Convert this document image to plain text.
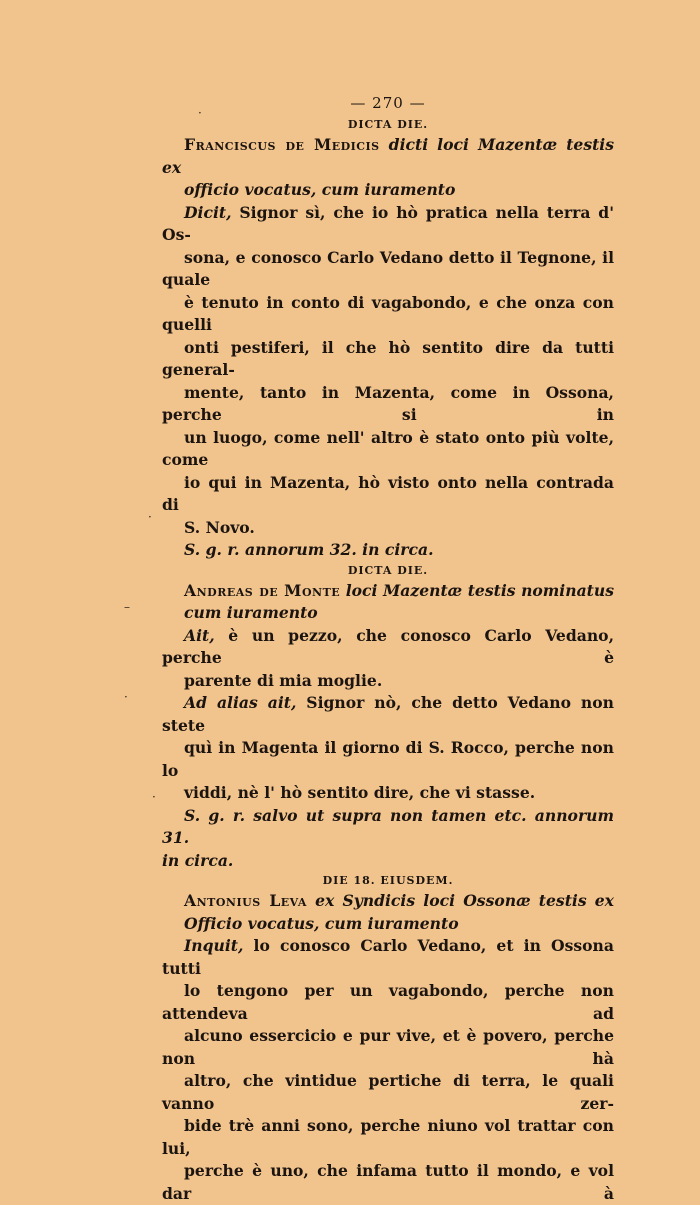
·
·
–
·
·
— 270 —
DICTA DIE.

Franciscus de Medicis dicti loci Mazentæ testis ex
officio vocatus, cum iuramento

Dicit, Signor sì, che io hò pratica nella terra d' Os-
sona, e conosco Carlo Vedano detto il Tegnone, il quale
è tenuto in conto di vagabondo, e che onza con quelli
onti pestiferi, il che hò sentito dire da tutti general-
mente, tanto in Mazenta, come in Ossona, perche si in
un luogo, come nell' altro è stato onto più volte, come
io qui in Mazenta, hò visto onto nella contrada di
S. Novo.

S. g. r. annorum 32. in circa.

DICTA DIE.

Andreas de Monte loci Mazentæ testis nominatus
cum iuramento

Ait, è un pezzo, che conosco Carlo Vedano, perche è
parente di mia moglie.

Ad alias ait, Signor nò, che detto Vedano non stete
quì in Magenta il giorno di S. Rocco, perche non lo
viddi, nè l' hò sentito dire, che vi stasse.

S. g. r. salvo ut supra non tamen etc. annorum 31.
in circa.

DIE 18. EIUSDEM.

Antonius Leva ex Syndicis loci Ossonæ testis ex
Officio vocatus, cum iuramento

Inquit, lo conosco Carlo Vedano, et in Ossona tutti
lo tengono per un vagabondo, perche non attendeva ad
alcuno essercicio e pur vive, et è povero, perche non hà
altro, che vintidue pertiche di terra, le quali vanno zer-
bide trè anni sono, perche niuno vol trattar con lui,
perche è uno, che infama tutto il mondo, e vol dar à
